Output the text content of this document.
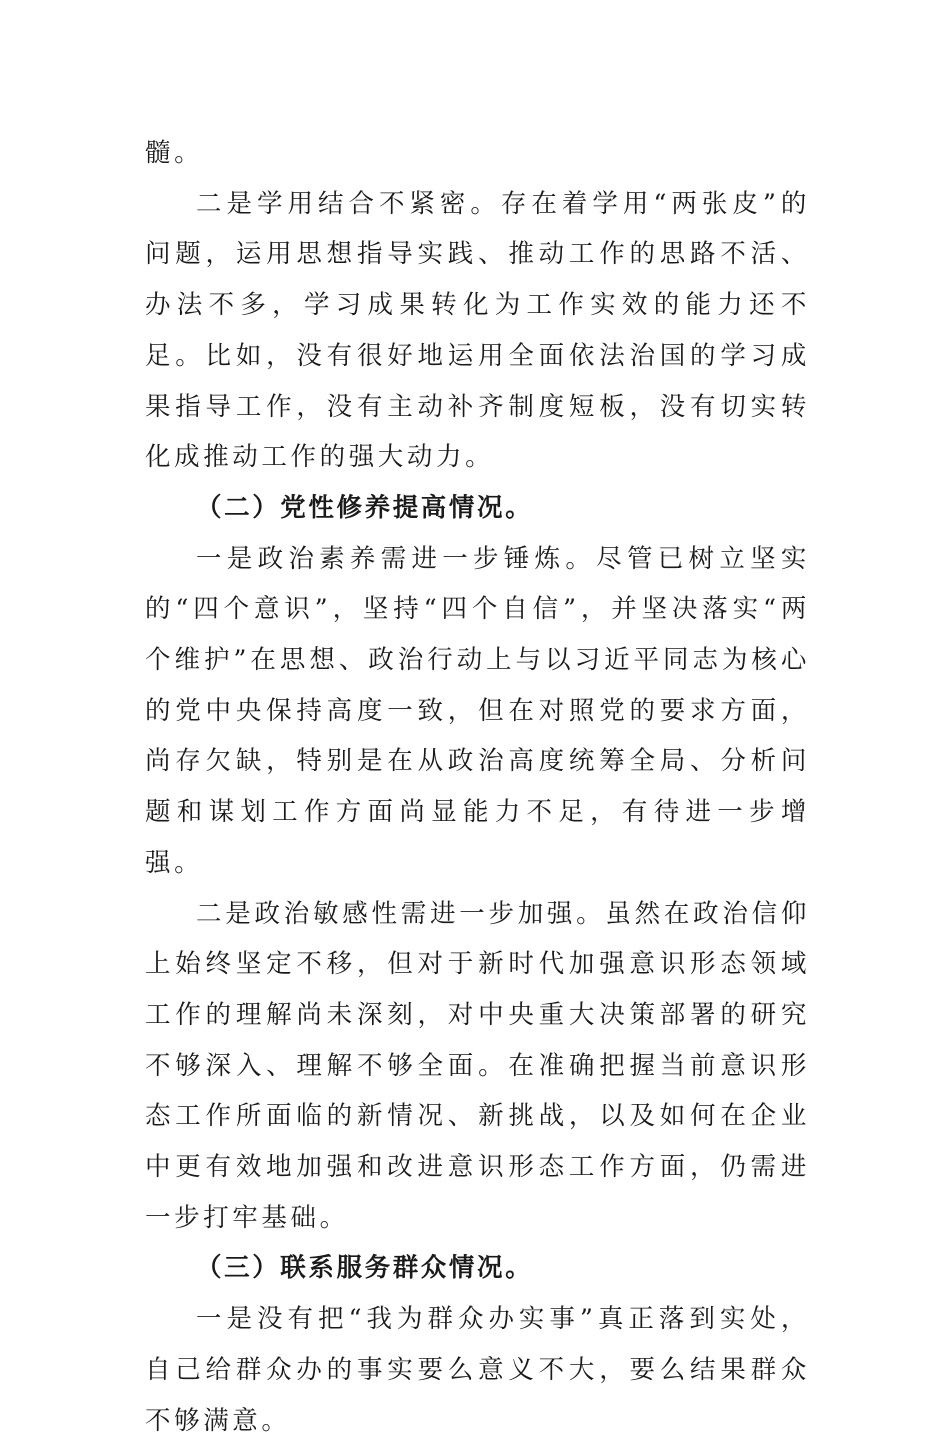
髓。

二是学用结合不紧密。存在着学用“两张皮”的问题，运用思想指导实践、推动工作的思路不活、办法不多，学习成果转化为工作实效的能力还不足。比如，没有很好地运用全面依法治国的学习成果指导工作，没有主动补齐制度短板，没有切实转化成推动工作的强大动力。

（二）党性修养提高情况。

一是政治素养需进一步锤炼。尽管已树立坚实的“四个意识”，坚持“四个自信”，并坚决落实“两个维护”在思想、政治行动上与以习近平同志为核心的党中央保持高度一致，但在对照党的要求方面，尚存欠缺，特别是在从政治高度统筹全局、分析问题和谋划工作方面尚显能力不足，有待进一步增强。

二是政治敏感性需进一步加强。虽然在政治信仰上始终坚定不移，但对于新时代加强意识形态领域工作的理解尚未深刻，对中央重大决策部署的研究不够深入、理解不够全面。在准确把握当前意识形态工作所面临的新情况、新挑战，以及如何在企业中更有效地加强和改进意识形态工作方面，仍需进一步打牢基础。

（三）联系服务群众情况。

一是没有把“我为群众办实事”真正落到实处，自己给群众办的事实要么意义不大，要么结果群众不够满意。
